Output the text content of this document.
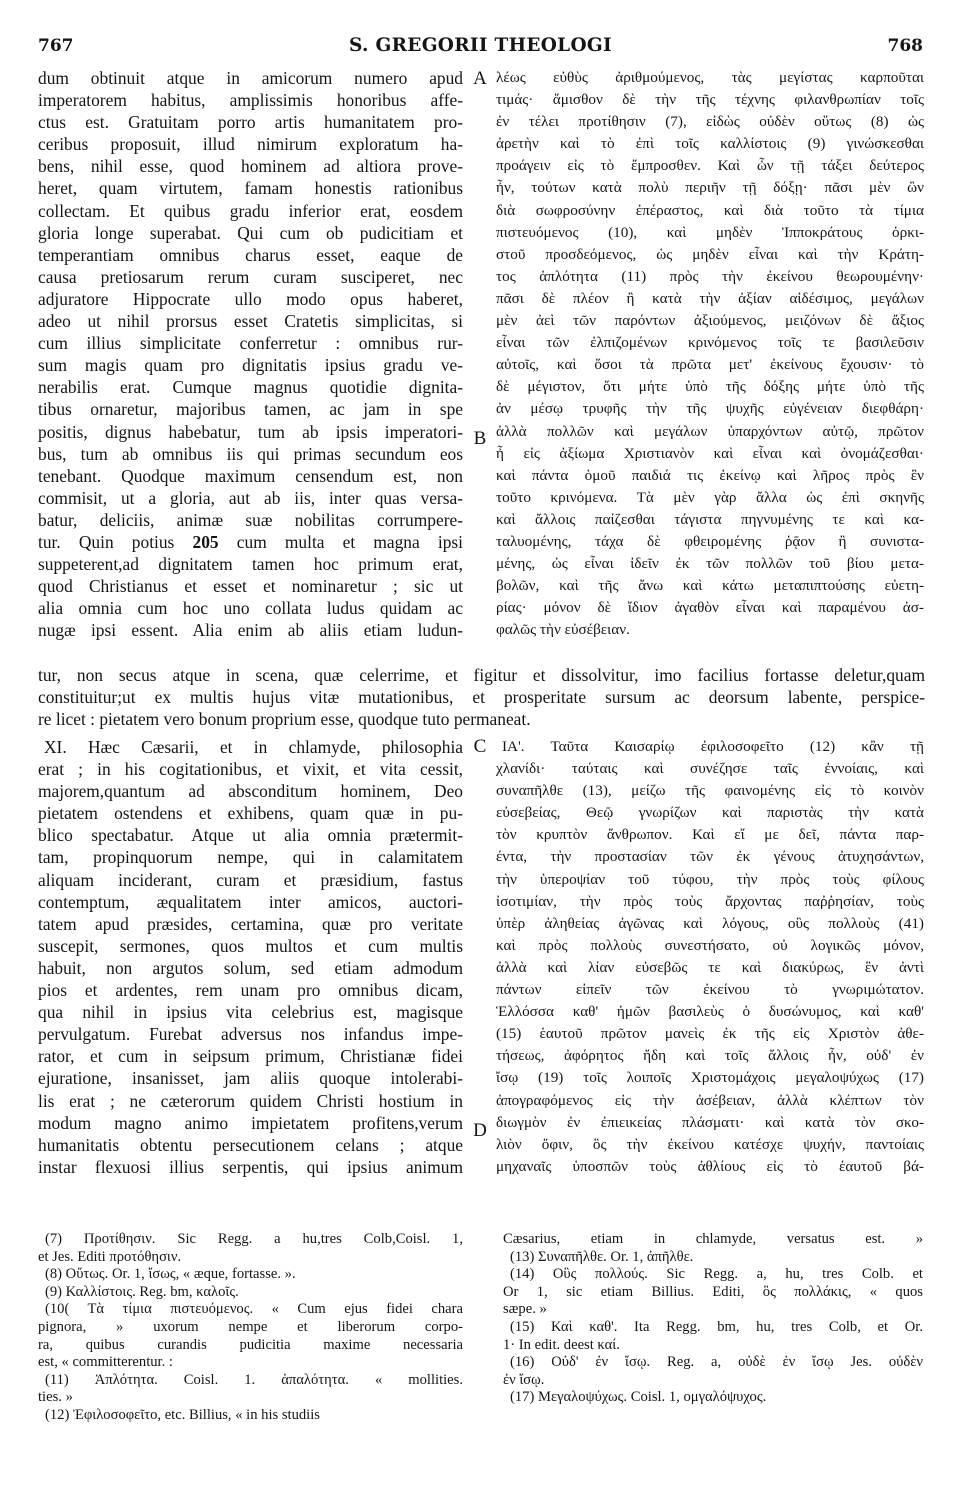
767	S. GREGORII THEOLOGI	768
dum obtinuit atque in amicorum numero apud
imperatorem habitus, amplissimis honoribus affe-
ctus est. Gratuitam porro artis humanitatem pro-
ceribus proposuit, illud nimirum exploratum ha-
bens, nihil esse, quod hominem ad altiora prove-
heret, quam virtutem, famam honestis rationibus
collectam. Et quibus gradu inferior erat, eosdem
gloria longe superabat. Qui cum ob pudicitiam et
temperantiam omnibus charus esset, eaque de
causa pretiosarum rerum curam susciperet, nec
adjuratore Hippocrate ullo modo opus haberet,
adeo ut nihil prorsus esset Cratetis simplicitas, si
cum illius simplicitate conferretur : omnibus rur-
sum magis quam pro dignitatis ipsius gradu ve-
nerabilis erat. Cumque magnus quotidie dignita-
tibus ornaretur, majoribus tamen, ac jam in spe
positis, dignus habebatur, tum ab ipsis imperatori-
bus, tum ab omnibus iis qui primas secundum eos
tenebant. Quodque maximum censendum est, non
commisit, ut a gloria, aut ab iis, inter quas versa-
batur, deliciis, animæ suæ nobilitas corrumpere-
tur. Quin potius 205 cum multa et magna ipsi
suppeterent,ad dignitatem tamen hoc primum erat,
quod Christianus et esset et nominaretur ; sic ut
alia omnia cum hoc uno collata ludus quidam ac
nugæ ipsi essent. Alia enim ab aliis etiam ludun-
λέως εὐθὺς ἀριθμούμενος, τὰς μεγίστας καρποῦται
τιμάς· ἄμισθον δὲ τὴν τῆς τέχνης φιλανθρωπίαν τοῖς
ἐν τέλει προτίθησιν (7), εἰδὼς οὐδὲν οὕτως (8) ὡς
ἀρετὴν καὶ τὸ ἐπὶ τοῖς καλλίστοις (9) γινώσκεσθαι
προάγειν εἰς τὸ ἔμπροσθεν. Καὶ ὧν τῇ τάξει δεύτερος
ἦν, τούτων κατὰ πολὺ περιῆν τῇ δόξῃ· πᾶσι μὲν ὢν
διὰ σωφροσύνην ἐπέραστος, καὶ διὰ τοῦτο τὰ τίμια
πιστευόμενος (10), καὶ μηδὲν Ἱπποκράτους ὁρκι-
στοῦ προσδεόμενος, ὡς μηδὲν εἶναι καὶ τὴν Κράτη-
τος ἁπλότητα (11) πρὸς τὴν ἐκείνου θεωρουμένην·
πᾶσι δὲ πλέον ἢ κατὰ τὴν ἀξίαν αἰδέσιμος, μεγάλων
μὲν ἀεὶ τῶν παρόντων ἀξιούμενος, μειζόνων δὲ ἄξιος
εἶναι τῶν ἐλπιζομένων κρινόμενος τοῖς τε βασιλεῦσιν
αὐτοῖς, καὶ ὅσοι τὰ πρῶτα μετ' ἐκείνους ἔχουσιν· τὸ
δὲ μέγιστον, ὅτι μήτε ὑπὸ τῆς δόξης μήτε ὑπὸ τῆς
ἀν μέσῳ τρυφῆς τὴν τῆς ψυχῆς εὐγένειαν διεφθάρη·
ἀλλὰ πολλῶν καὶ μεγάλων ὑπαρχόντων αὐτῷ, πρῶτον
ἦ εἰς ἀξίωμα Χριστιανὸν καὶ εἶναι καὶ ὀνομάζεσθαι·
καὶ πάντα ὁμοῦ παιδιά τις ἐκείνῳ καὶ λῆρος πρὸς ἓν
τοῦτο κρινόμενα. Τὰ μὲν γὰρ ἄλλα ὡς ἐπὶ σκηνῆς
καὶ ἄλλοις παίζεσθαι τάγιστα πηγνυμένης τε καὶ κα-
ταλυομένης, τάχα δὲ φθειρομένης ῥᾷον ἢ συνιστα-
μένης, ὡς εἶναι ἰδεῖν ἐκ τῶν πολλῶν τοῦ βίου μετα-
βολῶν, καὶ τῆς ἄνω καὶ κάτω μεταπιπτούσης εὐετη-
ρίας· μόνον δὲ ἴδιον ἀγαθὸν εἶναι καὶ παραμένου ἀσ-
φαλῶς τὴν εὐσέβειαν.
A
B
C
D
tur, non secus atque in scena, quæ celerrime, et figitur et dissolvitur, imo facilius fortasse deletur,quam
constituitur;ut ex multis hujus vitæ mutationibus, et prosperitate sursum ac deorsum labente, perspice-
re licet : pietatem vero bonum proprium esse, quodque tuto permaneat.
XI. Hæc Cæsarii, et in chlamyde, philosophia
erat ; in his cogitationibus, et vixit, et vita cessit,
majorem,quantum ad absconditum hominem, Deo
pietatem ostendens et exhibens, quam quæ in pu-
blico spectabatur. Atque ut alia omnia prætermit-
tam, propinquorum nempe, qui in calamitatem
aliquam inciderant, curam et præsidium, fastus
contemptum, æqualitatem inter amicos, auctori-
tatem apud præsides, certamina, quæ pro veritate
suscepit, sermones, quos multos et cum multis
habuit, non argutos solum, sed etiam admodum
pios et ardentes, rem unam pro omnibus dicam,
qua nihil in ipsius vita celebrius est, magisque
pervulgatum. Furebat adversus nos infandus impe-
rator, et cum in seipsum primum, Christianæ fidei
ejuratione, insanisset, jam aliis quoque intolerabi-
lis erat ; ne cæterorum quidem Christi hostium in
modum magno animo impietatem profitens,verum
humanitatis obtentu persecutionem celans ; atque
instar flexuosi illius serpentis, qui ipsius animum
ΙΑ'. Ταῦτα Καισαρίῳ ἐφιλοσοφεῖτο (12) κἂν τῇ
χλανίδι· ταύταις καὶ συνέζησε ταῖς ἐννοίαις, καὶ
συναπῆλθε (13), μείζω τῆς φαινομένης εἰς τὸ κοινὸν
εὐσεβείας, Θεῷ γνωρίζων καὶ παριστὰς τὴν κατὰ
τὸν κρυπτὸν ἄνθρωπον. Καὶ εἴ με δεῖ, πάντα παρ-
έντα, τὴν προστασίαν τῶν ἐκ γένους ἀτυχησάντων,
τὴν ὑπεροψίαν τοῦ τύφου, τὴν πρὸς τοὺς φίλους
ἰσοτιμίαν, τὴν πρὸς τοὺς ἄρχοντας παῤῥησίαν, τοὺς
ὑπὲρ ἀληθείας ἀγῶνας καὶ λόγους, οὓς πολλοὺς (41)
καὶ πρὸς πολλοὺς συνεστήσατο, οὐ λογικῶς μόνον,
ἀλλὰ καὶ λίαν εὐσεβῶς τε καὶ διακύρως, ἓν ἀντὶ
πάντων εἰπεῖν τῶν ἐκείνου τὸ γνωριμώτατον.
Ἑλλόσσα καθ' ἡμῶν βασιλεὺς ὁ δυσώνυμος, καὶ καθ'
(15) ἑαυτοῦ πρῶτον μανεὶς ἐκ τῆς εἰς Χριστὸν ἀθε-
τήσεως, ἀφόρητος ἤδη καὶ τοῖς ἄλλοις ἦν, οὐδ' ἐν
ἴσῳ (19) τοῖς λοιποῖς Χριστομάχοις μεγαλοψύχως (17)
ἀπογραφόμενος εἰς τὴν ἀσέβειαν, ἀλλὰ κλέπτων τὸν
διωγμὸν ἐν ἐπιεικείας πλάσματι· καὶ κατὰ τὸν σκο-
λιὸν ὄφιν, ὃς τὴν ἐκείνου κατέσχε ψυχήν, παντοίαις
μηχαναῖς ὑποσπῶν τοὺς ἀθλίους εἰς τὸ ἑαυτοῦ βά-
(7) Προτίθησιν. Sic Regg. a hu,tres Colb,Coisl. 1,
et Jes. Editi προτόθησιν.
(8) Οὕτως. Or. 1, ἴσως, « æque, fortasse. ».
(9) Καλλίστοις. Reg. bm, καλοῖς.
(10( Τὰ τίμια πιστευόμενος. « Cum ejus fidei chara
pignora, » uxorum nempe et liberorum corpo-
ra, quibus curandis pudicitia maxime necessaria
est, « committerentur. :
(11) Ἁπλότητα. Coisl. 1. ἁπαλότητα. « mollities.
ties. »
(12) Ἐφιλοσοφεῖτο, etc. Billius, « in his studiis
Cæsarius, etiam in chlamyde, versatus est. »
(13) Συναπῆλθε. Or. 1, ἀπῆλθε.
(14) Οὓς πολλούς. Sic Regg. a, hu, tres Colb. et
Or 1, sic etiam Billius. Editi, ὃς πολλάκις, « quos
sæpe. »
(15) Καὶ καθ'. Ita Regg. bm, hu, tres Colb, et Or.
1· In edit. deest καί.
(16) Οὐδ' ἐν ἴσῳ. Reg. a, οὐδὲ ἐν ἴσῳ Jes. οὐδὲν
ἐν ἴσῳ.
(17) Μεγαλοψύχως. Coisl. 1, ομγαλόψυχος.
